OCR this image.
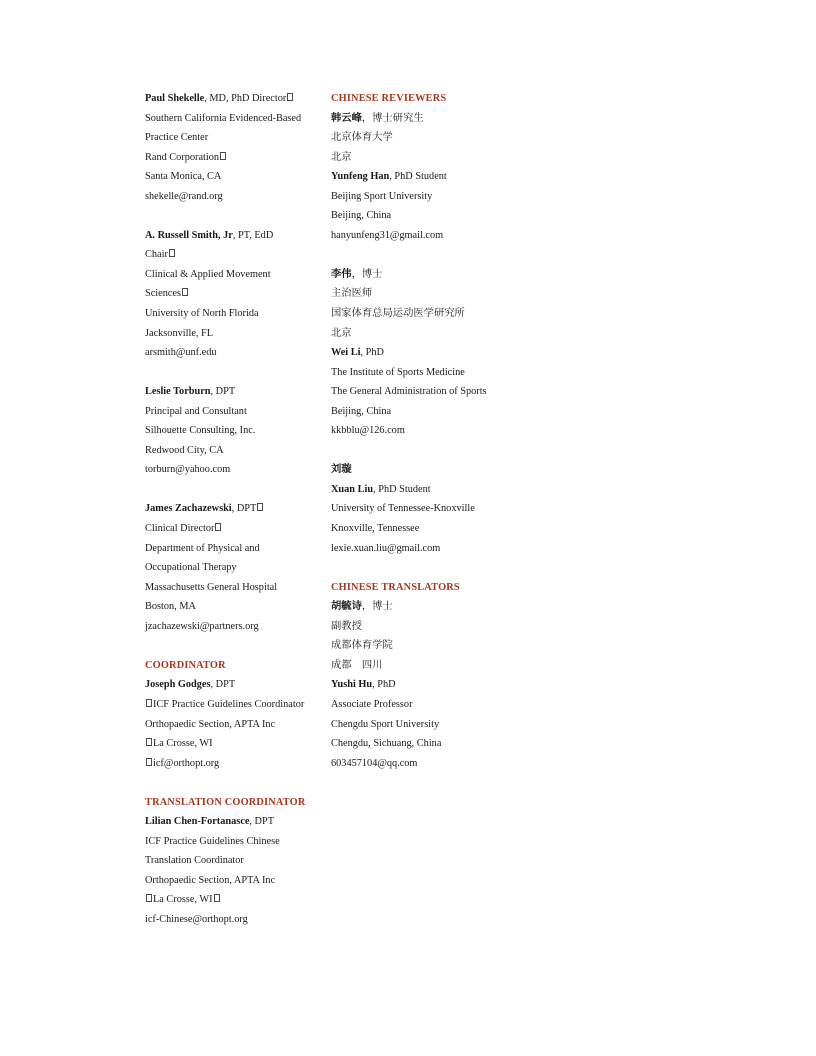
Paul Shekelle, MD, PhD Director
Southern California Evidenced-Based
Practice Center
Rand Corporation
Santa Monica, CA
shekelle@rand.org
A. Russell Smith, Jr, PT, EdD
Chair
Clinical & Applied Movement
Sciences
University of North Florida
Jacksonville, FL
arsmith@unf.edu
Leslie Torburn, DPT
Principal and Consultant
Silhouette Consulting, Inc.
Redwood City, CA
torburn@yahoo.com
James Zachazewski, DPT
Clinical Director
Department of Physical and
Occupational Therapy
Massachusetts General Hospital
Boston, MA
jzachazewski@partners.org
COORDINATOR
Joseph Godges, DPT
ICF Practice Guidelines Coordinator
Orthopaedic Section, APTA Inc
La Crosse, WI
icf@orthopt.org
TRANSLATION COORDINATOR
Lilian Chen-Fortanasce, DPT
ICF Practice Guidelines Chinese
Translation Coordinator
Orthopaedic Section, APTA Inc
La Crosse, WI
icf-Chinese@orthopt.org
CHINESE REVIEWERS
韩云峰，博士研究生
北京体育大学
北京
Yunfeng Han, PhD Student
Beijing Sport University
Beijing, China
hanyunfeng31@gmail.com
李伟，博士
主治医师
国家体育总局运动医学研究所
北京
Wei Li, PhD
The Institute of Sports Medicine
The General Administration of Sports
Beijing, China
kkbblu@126.com
刘璇
Xuan Liu, PhD Student
University of Tennessee-Knoxville
Knoxville, Tennessee
lexie.xuan.liu@gmail.com
CHINESE TRANSLATORS
胡毓诗，博士
副教授
成都体育学院
成都　四川
Yushi Hu, PhD
Associate Professor
Chengdu Sport University
Chengdu, Sichuang, China
603457104@qq.com
